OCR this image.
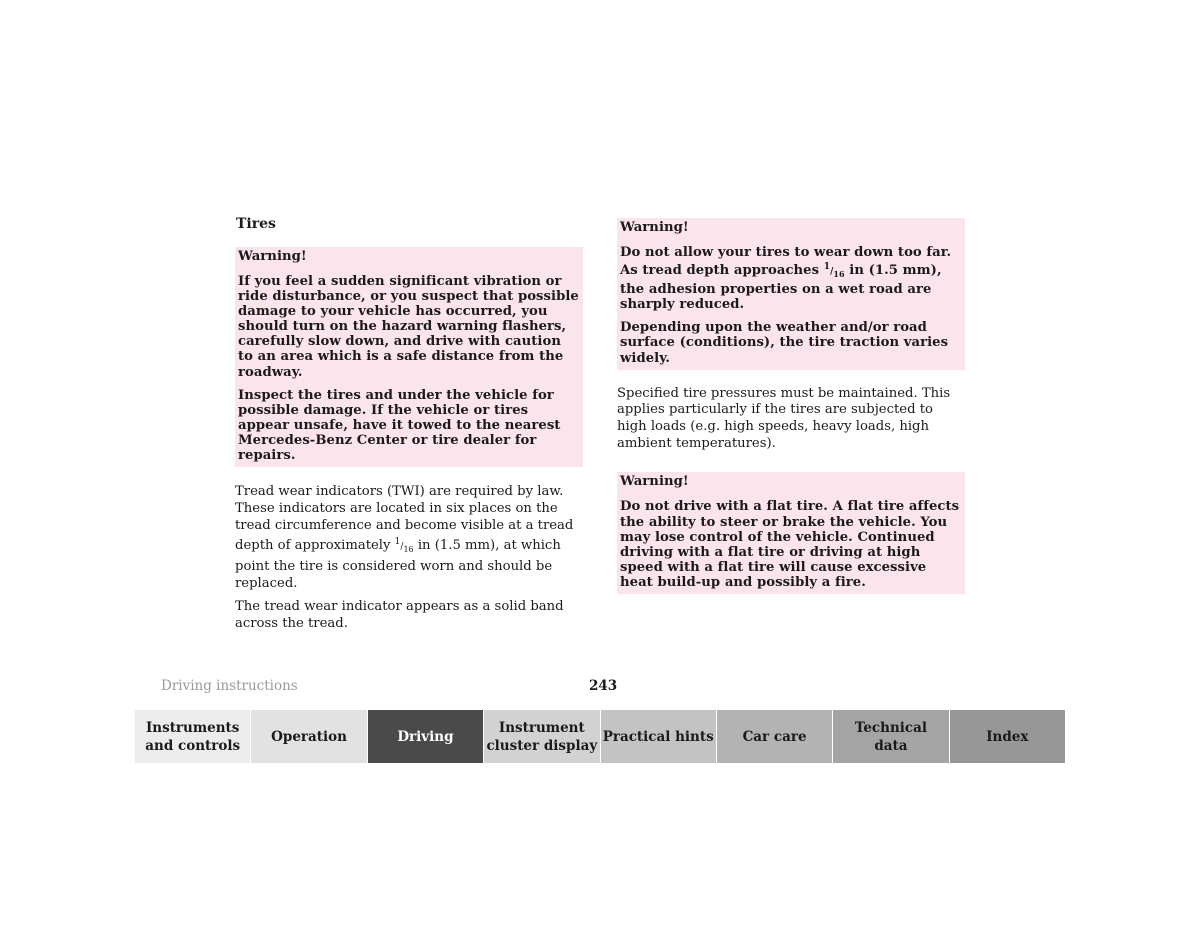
Tires
Warning!

If you feel a sudden significant vibration or ride disturbance, or you suspect that possible damage to your vehicle has occurred, you should turn on the hazard warning flashers, carefully slow down, and drive with caution to an area which is a safe distance from the roadway.

Inspect the tires and under the vehicle for possible damage. If the vehicle or tires appear unsafe, have it towed to the nearest Mercedes-Benz Center or tire dealer for repairs.

Tread wear indicators (TWI) are required by law. These indicators are located in six places on the tread circumference and become visible at a tread depth of approximately $^1/_{16}$ in (1.5 mm), at which point the tire is considered worn and should be replaced.

The tread wear indicator appears as a solid band across the tread.

Warning!

Do not allow your tires to wear down too far. As tread depth approaches $^1/_{16}$ in (1.5 mm), the adhesion properties on a wet road are sharply reduced.

Depending upon the weather and/or road surface (conditions), the tire traction varies widely.

Specified tire pressures must be maintained. This applies particularly if the tires are subjected to high loads (e.g. high speeds, heavy loads, high ambient temperatures).

Warning!

Do not drive with a flat tire. A flat tire affects the ability to steer or brake the vehicle. You may lose control of the vehicle. Continued driving with a flat tire or driving at high speed with a flat tire will cause excessive heat build-up and possibly a fire.

Driving instructions	243
Instruments
and controls
Operation	Driving
Instrument
cluster display
Practical hints	Car care
Technical
data
Index
